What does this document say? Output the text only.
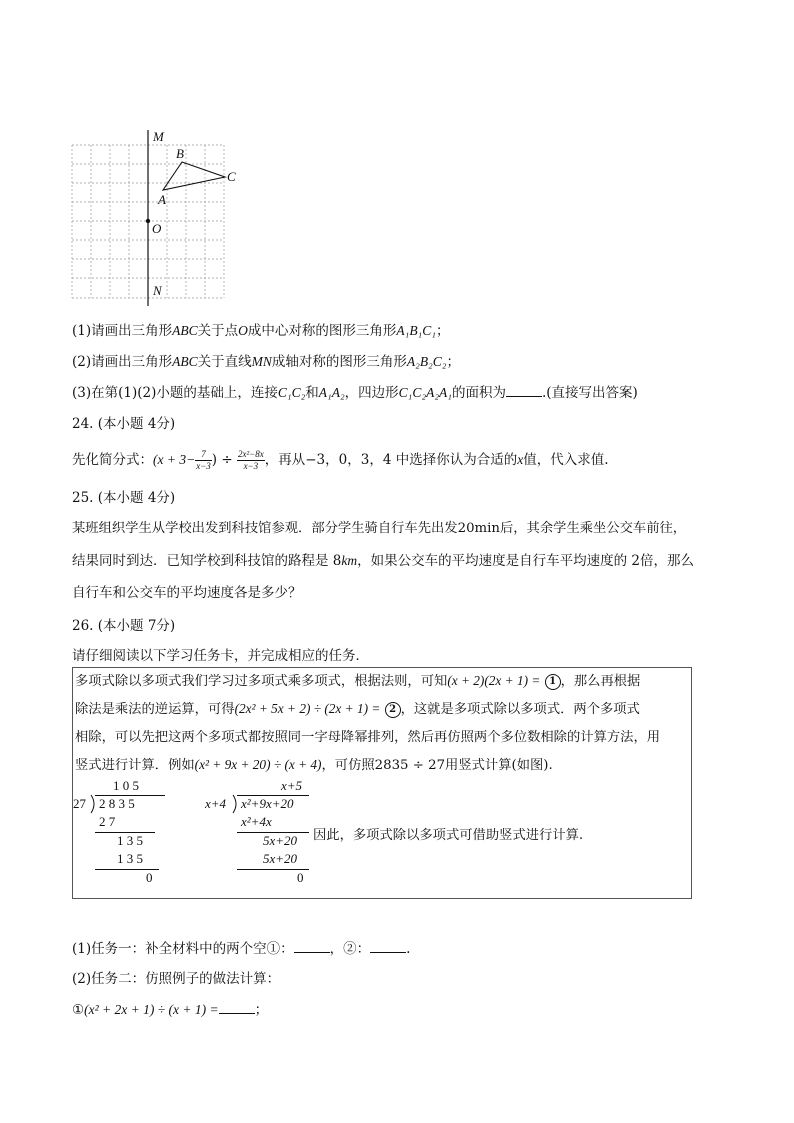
M
B
C
A
O
N
(1)请画出三角形ABC关于点O成中心对称的图形三角形A₁B₁C₁；
(2)请画出三角形ABC关于直线MN成轴对称的图形三角形A₂B₂C₂；
(3)在第(1)(2)小题的基础上，连接C₁C₂和A₁A₂，四边形C₁C₂A₂A₁的面积为	.(直接写出答案)
24. (本小题 4分)
先化简分式：($x + 3- \frac{7}{x-3}$ ) ÷ $\frac{\text{2x²−8x}}{x-3}$ ，再从−3，0，3，4 中选择你认为合适的x值，代入求值.
25. (本小题 4分)
某班组织学生从学校出发到科技馆参观．部分学生骑自行车先出发20min后，其余学生乘坐公交车前往，
结果同时到达．已知学校到科技馆的路程是 8km，如果公交车的平均速度是自行车平均速度的 2倍，那么
自行车和公交车的平均速度各是多少？
26. (本小题 7分)
请仔细阅读以下学习任务卡，并完成相应的任务．
多项式除以多项式我们学习过多项式乘多项式，根据法则，可知(x + 2)(2x + 1) = 1 ，那么再根据
除法是乘法的逆运算，可得(2x² + 5x + 2) ÷ (2x + 1) = 2 ，这就是多项式除以多项式．两个多项式
相除，可以先把这两个多项式都按照同一字母降幂排列，然后再仿照两个多位数相除的计算方法，用
竖式进行计算．例如(x² + 9x + 20) ÷ (x + 4)，可仿照2835 ÷ 27用竖式计算(如图).
1 0 5
27 2 8 3 5
2 7
1 3 5
1 3 5
0
x+5
x+4 x²+9x+20
x²+4x
5x+20
5x+20
0
因此，多项式除以多项式可借助竖式进行计算.
(1)任务一：补全材料中的两个空①：	，②：	.
(2)任务二：仿照例子的做法计算：
①(x² + 2x + 1) ÷ (x + 1) =	；
